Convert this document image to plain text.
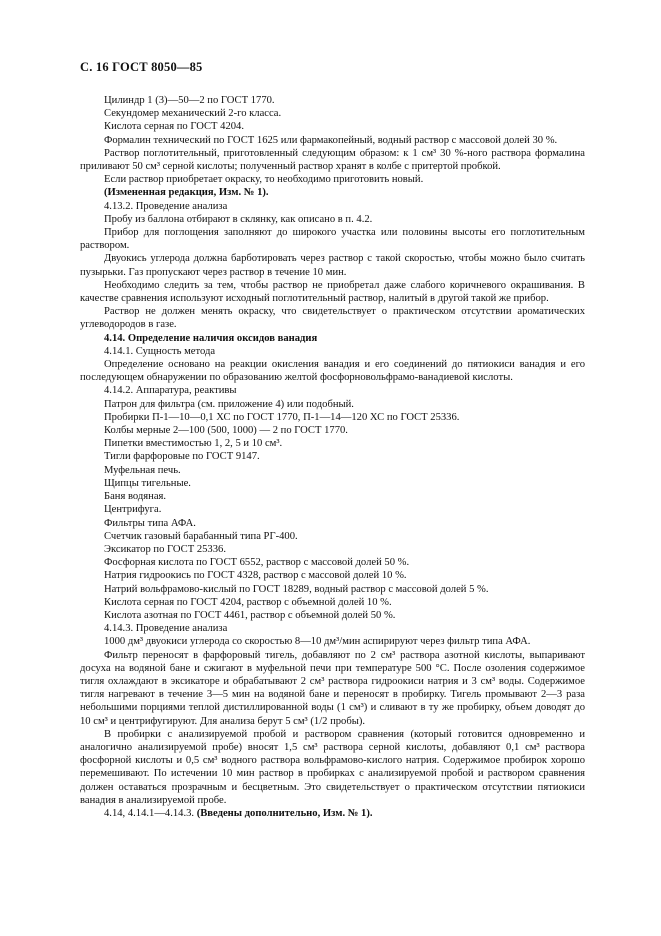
С. 16 ГОСТ 8050—85

Цилиндр 1 (3)—50—2 по ГОСТ 1770.

Секундомер механический 2-го класса.

Кислота серная по ГОСТ 4204.

Формалин технический по ГОСТ 1625 или фармакопейный, водный раствор с массовой долей 30 %.

Раствор поглотительный, приготовленный следующим образом: к 1 см³ 30 %-ного раствора формалина приливают 50 см³ серной кислоты; полученный раствор хранят в колбе с притертой пробкой.

Если раствор приобретает окраску, то необходимо приготовить новый.

(Измененная редакция, Изм. № 1).

4.13.2. Проведение анализа

Пробу из баллона отбирают в склянку, как описано в п. 4.2.

Прибор для поглощения заполняют до широкого участка или половины высоты его поглотительным раствором.

Двуокись углерода должна барботировать через раствор с такой скоростью, чтобы можно было считать пузырьки. Газ пропускают через раствор в течение 10 мин.

Необходимо следить за тем, чтобы раствор не приобретал даже слабого коричневого окрашивания. В качестве сравнения используют исходный поглотительный раствор, налитый в другой такой же прибор.

Раствор не должен менять окраску, что свидетельствует о практическом отсутствии ароматических углеводородов в газе.

4.14. Определение наличия оксидов ванадия

4.14.1. Сущность метода

Определение основано на реакции окисления ванадия и его соединений до пятиокиси ванадия и его последующем обнаружении по образованию желтой фосфорновольфрамо-ванадиевой кислоты.

4.14.2. Аппаратура, реактивы

Патрон для фильтра (см. приложение 4) или подобный.

Пробирки П-1—10—0,1 ХС по ГОСТ 1770, П-1—14—120 ХС по ГОСТ 25336.

Колбы мерные 2—100 (500, 1000) — 2 по ГОСТ 1770.

Пипетки вместимостью 1, 2, 5 и 10 см³.

Тигли фарфоровые по ГОСТ 9147.

Муфельная печь.

Щипцы тигельные.

Баня водяная.

Центрифуга.

Фильтры типа АФА.

Счетчик газовый барабанный типа РГ-400.

Эксикатор по ГОСТ 25336.

Фосфорная кислота по ГОСТ 6552, раствор с массовой долей 50 %.

Натрия гидроокись по ГОСТ 4328, раствор с массовой долей 10 %.

Натрий вольфрамово-кислый по ГОСТ 18289, водный раствор с массовой долей 5 %.

Кислота серная по ГОСТ 4204, раствор с объемной долей 10 %.

Кислота азотная по ГОСТ 4461, раствор с объемной долей 50 %.

4.14.3. Проведение анализа

1000 дм³ двуокиси углерода со скоростью 8—10 дм³/мин аспирируют через фильтр типа АФА.

Фильтр переносят в фарфоровый тигель, добавляют по 2 см³ раствора азотной кислоты, выпаривают досуха на водяной бане и сжигают в муфельной печи при температуре 500 °С. После озоления содержимое тигля охлаждают в эксикаторе и обрабатывают 2 см³ раствора гидроокиси натрия и 3 см³ воды. Содержимое тигля нагревают в течение 3—5 мин на водяной бане и переносят в пробирку. Тигель промывают 2—3 раза небольшими порциями теплой дистиллированной воды (1 см³) и сливают в ту же пробирку, объем доводят до 10 см³ и центрифугируют. Для анализа берут 5 см³ (1/2 пробы).

В пробирки с анализируемой пробой и раствором сравнения (который готовится одновременно и аналогично анализируемой пробе) вносят 1,5 см³ раствора серной кислоты, добавляют 0,1 см³ раствора фосфорной кислоты и 0,5 см³ водного раствора вольфрамово-кислого натрия. Содержимое пробирок хорошо перемешивают. По истечении 10 мин раствор в пробирках с анализируемой пробой и раствором сравнения должен оставаться прозрачным и бесцветным. Это свидетельствует о практическом отсутствии пятиокиси ванадия в анализируемой пробе.

4.14, 4.14.1—4.14.3. (Введены дополнительно, Изм. № 1).
